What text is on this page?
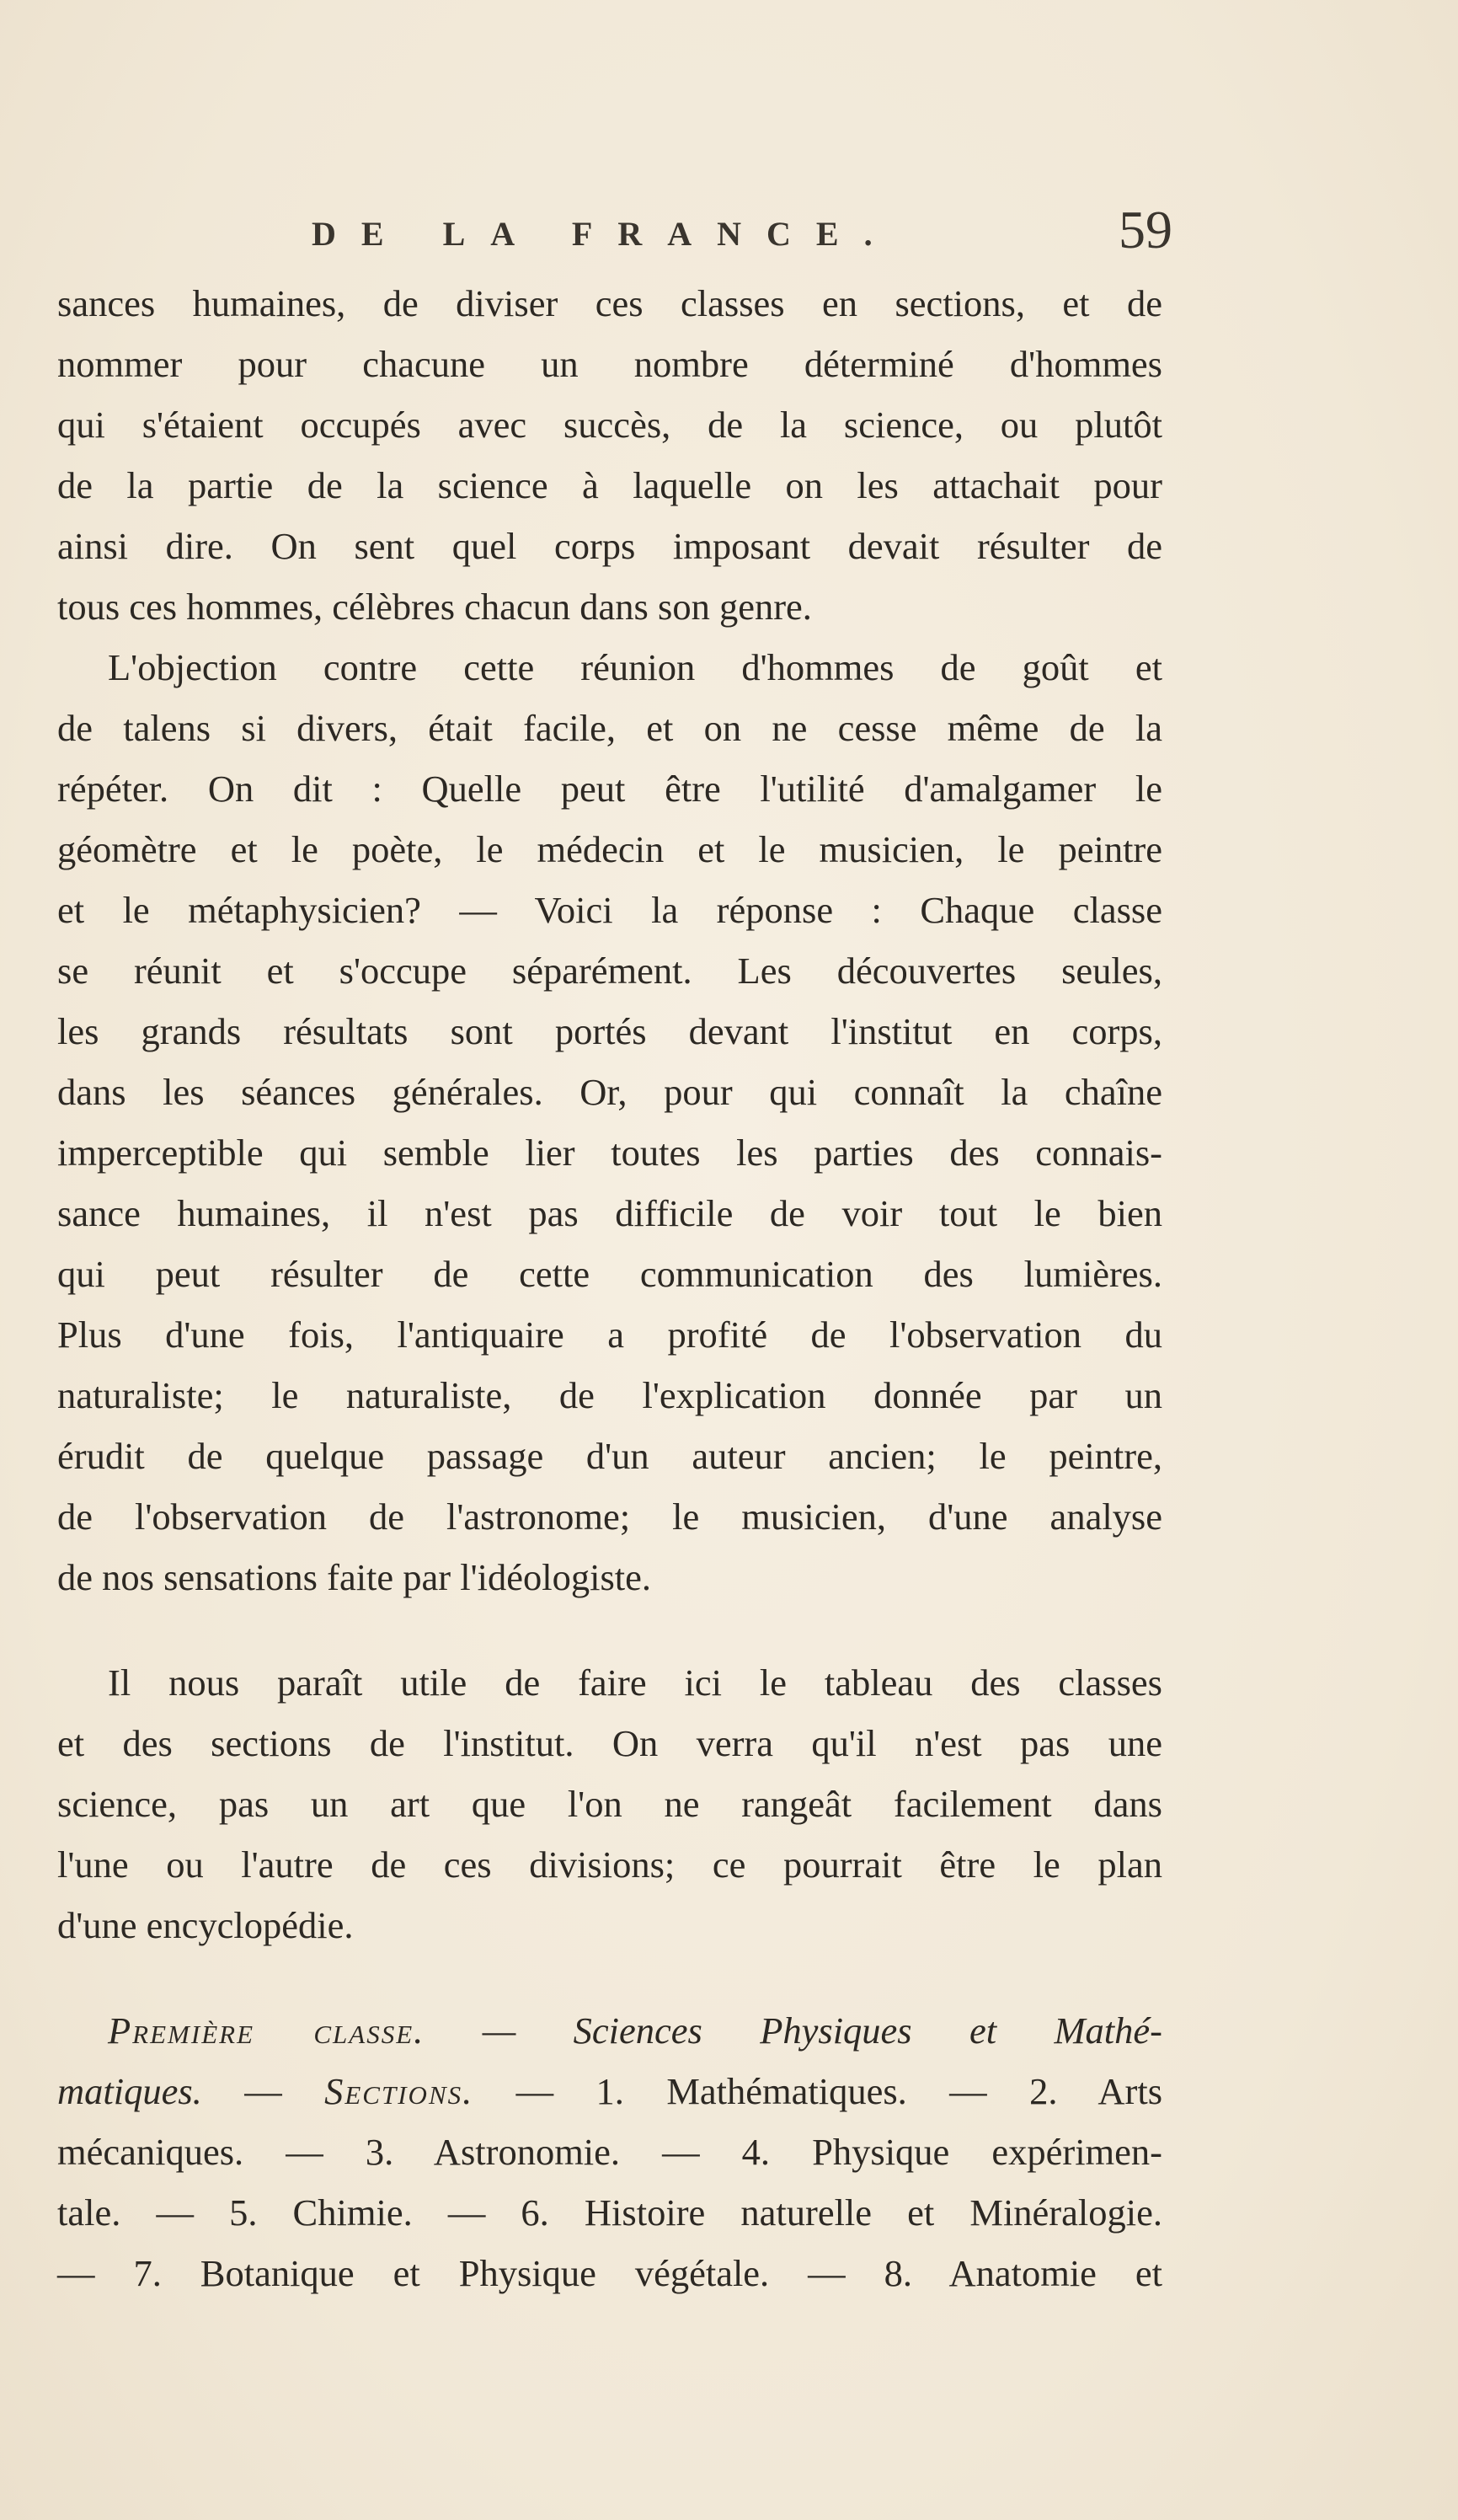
DE LA FRANCE.	59
sances humaines, de diviser ces classes en sections, et de
nommer pour chacune un nombre déterminé d'hommes
qui s'étaient occupés avec succès, de la science, ou plutôt
de la partie de la science à laquelle on les attachait pour
ainsi dire. On sent quel corps imposant devait résulter de
tous ces hommes, célèbres chacun dans son genre.
L'objection contre cette réunion d'hommes de goût et
de talens si divers, était facile, et on ne cesse même de la
répéter. On dit : Quelle peut être l'utilité d'amalgamer le
géomètre et le poète, le médecin et le musicien, le peintre
et le métaphysicien? — Voici la réponse : Chaque classe
se réunit et s'occupe séparément. Les découvertes seules,
les grands résultats sont portés devant l'institut en corps,
dans les séances générales. Or, pour qui connaît la chaîne
imperceptible qui semble lier toutes les parties des connais-
sance humaines, il n'est pas difficile de voir tout le bien
qui peut résulter de cette communication des lumières.
Plus d'une fois, l'antiquaire a profité de l'observation du
naturaliste; le naturaliste, de l'explication donnée par un
érudit de quelque passage d'un auteur ancien; le peintre,
de l'observation de l'astronome; le musicien, d'une analyse
de nos sensations faite par l'idéologiste.
Il nous paraît utile de faire ici le tableau des classes
et des sections de l'institut. On verra qu'il n'est pas une
science, pas un art que l'on ne rangeât facilement dans
l'une ou l'autre de ces divisions; ce pourrait être le plan
d'une encyclopédie.
Première classe. — Sciences Physiques et Mathé-
matiques. — Sections. — 1. Mathématiques. — 2. Arts
mécaniques. — 3. Astronomie. — 4. Physique expérimen-
tale. — 5. Chimie. — 6. Histoire naturelle et Minéralogie.
— 7. Botanique et Physique végétale. — 8. Anatomie et
